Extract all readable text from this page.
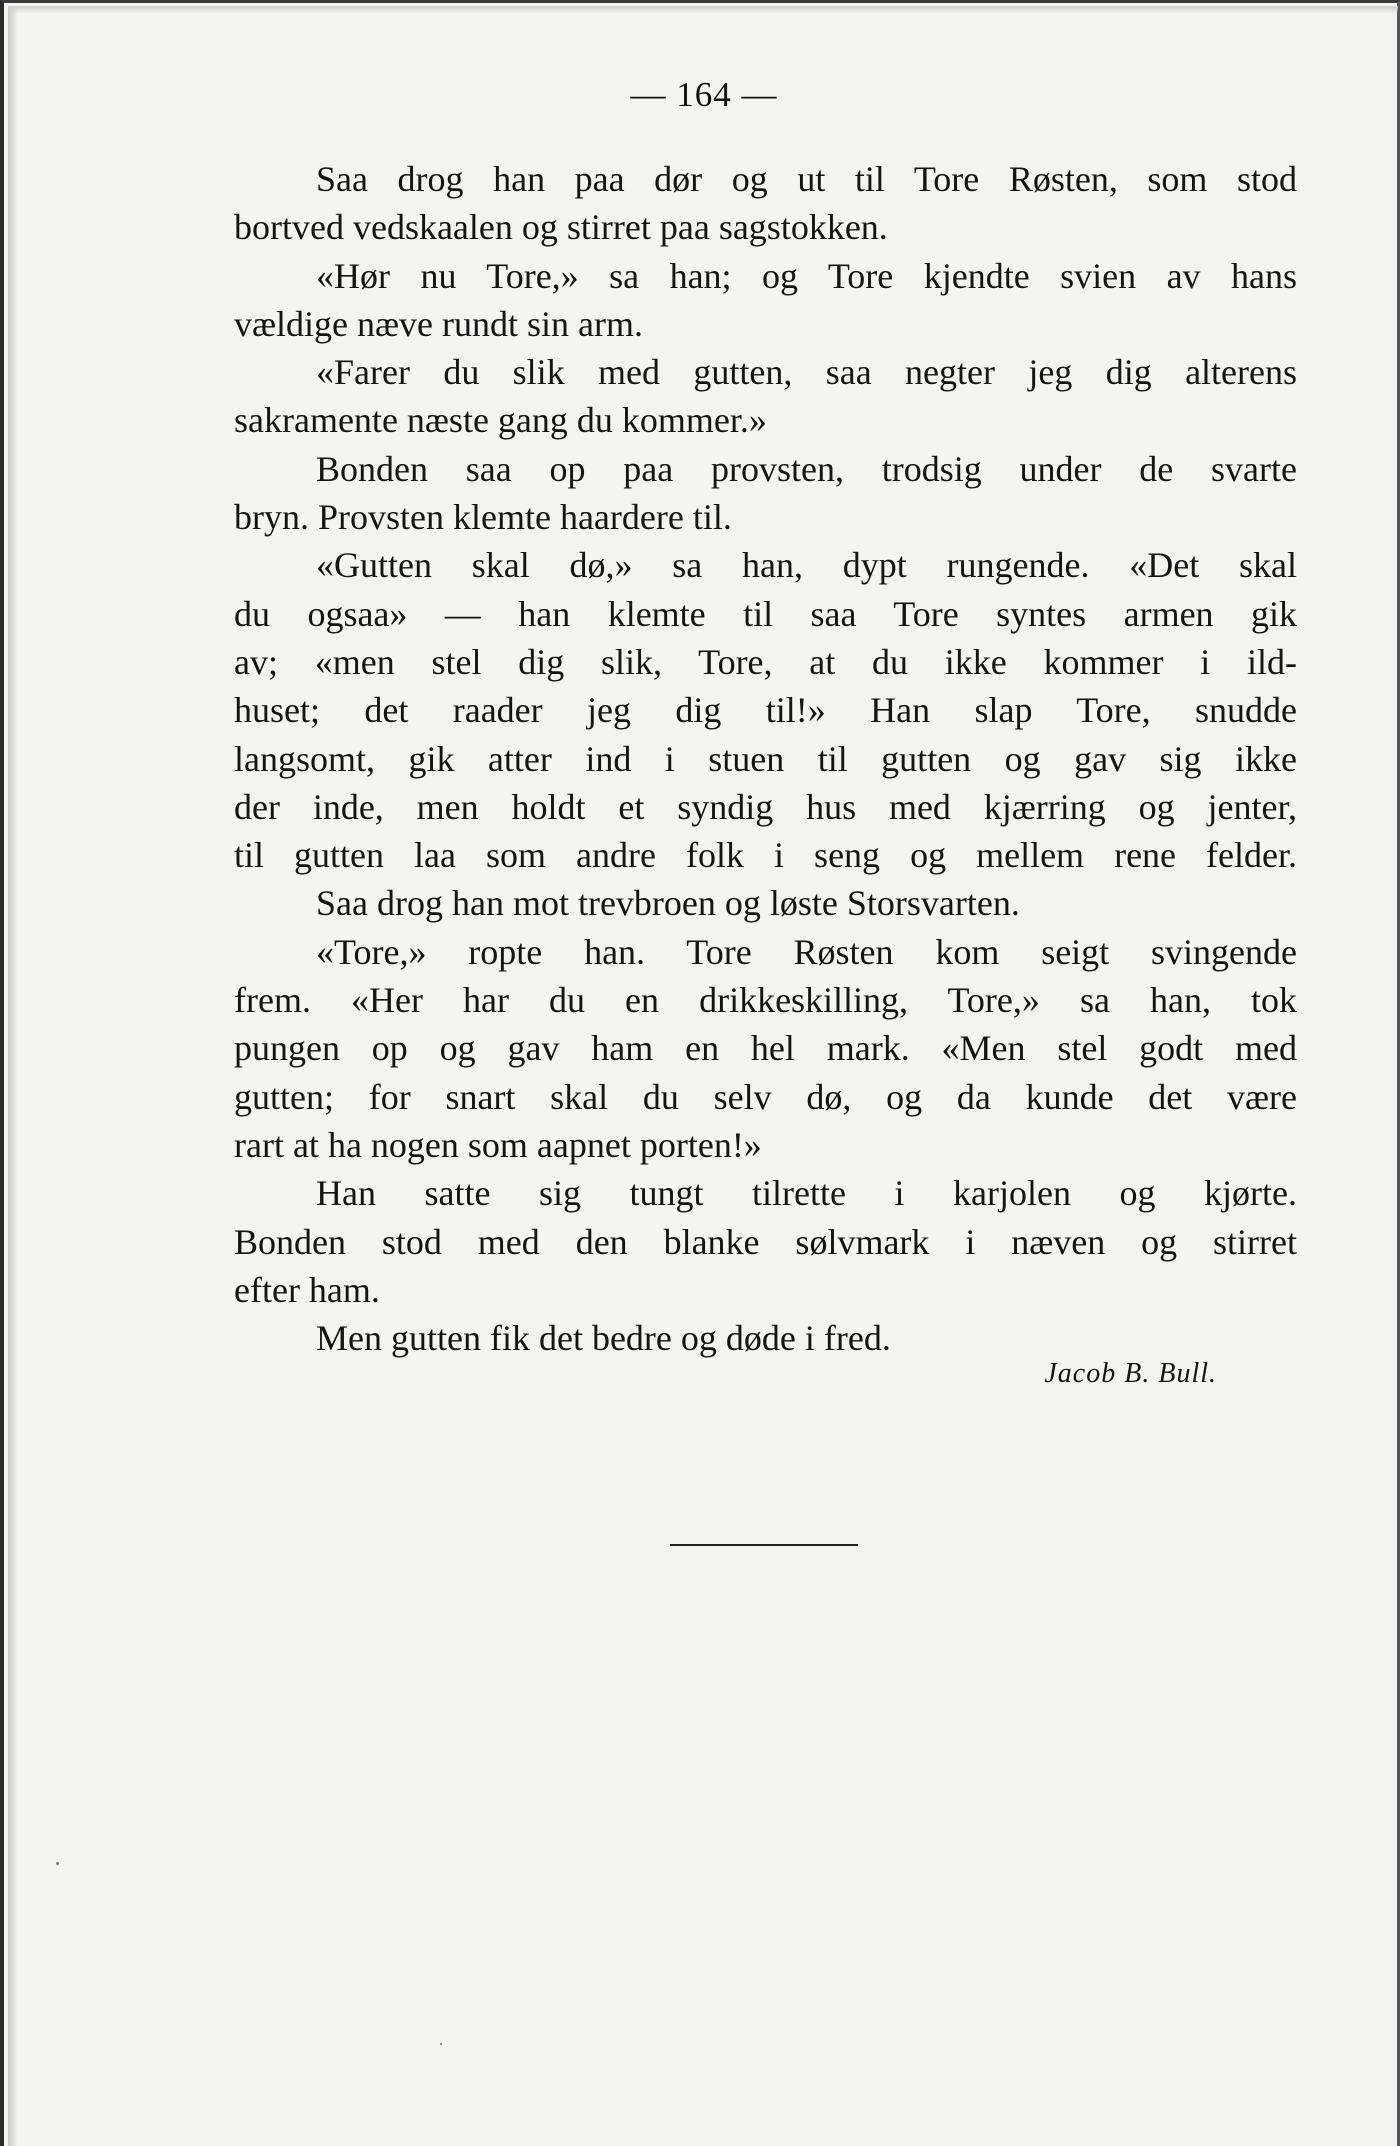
— 164 —
Saa drog han paa dør og ut til Tore Røsten, som stod
bortved vedskaalen og stirret paa sagstokken.
«Hør nu Tore,» sa han; og Tore kjendte svien av hans
vældige næve rundt sin arm.
«Farer du slik med gutten, saa negter jeg dig alterens
sakramente næste gang du kommer.»
Bonden saa op paa provsten, trodsig under de svarte
bryn. Provsten klemte haardere til.
«Gutten skal dø,» sa han, dypt rungende. «Det skal
du ogsaa» — han klemte til saa Tore syntes armen gik
av; «men stel dig slik, Tore, at du ikke kommer i ild-
huset; det raader jeg dig til!» Han slap Tore, snudde
langsomt, gik atter ind i stuen til gutten og gav sig ikke
der inde, men holdt et syndig hus med kjærring og jenter,
til gutten laa som andre folk i seng og mellem rene felder.
Saa drog han mot trevbroen og løste Storsvarten.
«Tore,» ropte han. Tore Røsten kom seigt svingende
frem. «Her har du en drikkeskilling, Tore,» sa han, tok
pungen op og gav ham en hel mark. «Men stel godt med
gutten; for snart skal du selv dø, og da kunde det være
rart at ha nogen som aapnet porten!»
Han satte sig tungt tilrette i karjolen og kjørte.
Bonden stod med den blanke sølvmark i næven og stirret
efter ham.
Men gutten fik det bedre og døde i fred.
Jacob B. Bull.
